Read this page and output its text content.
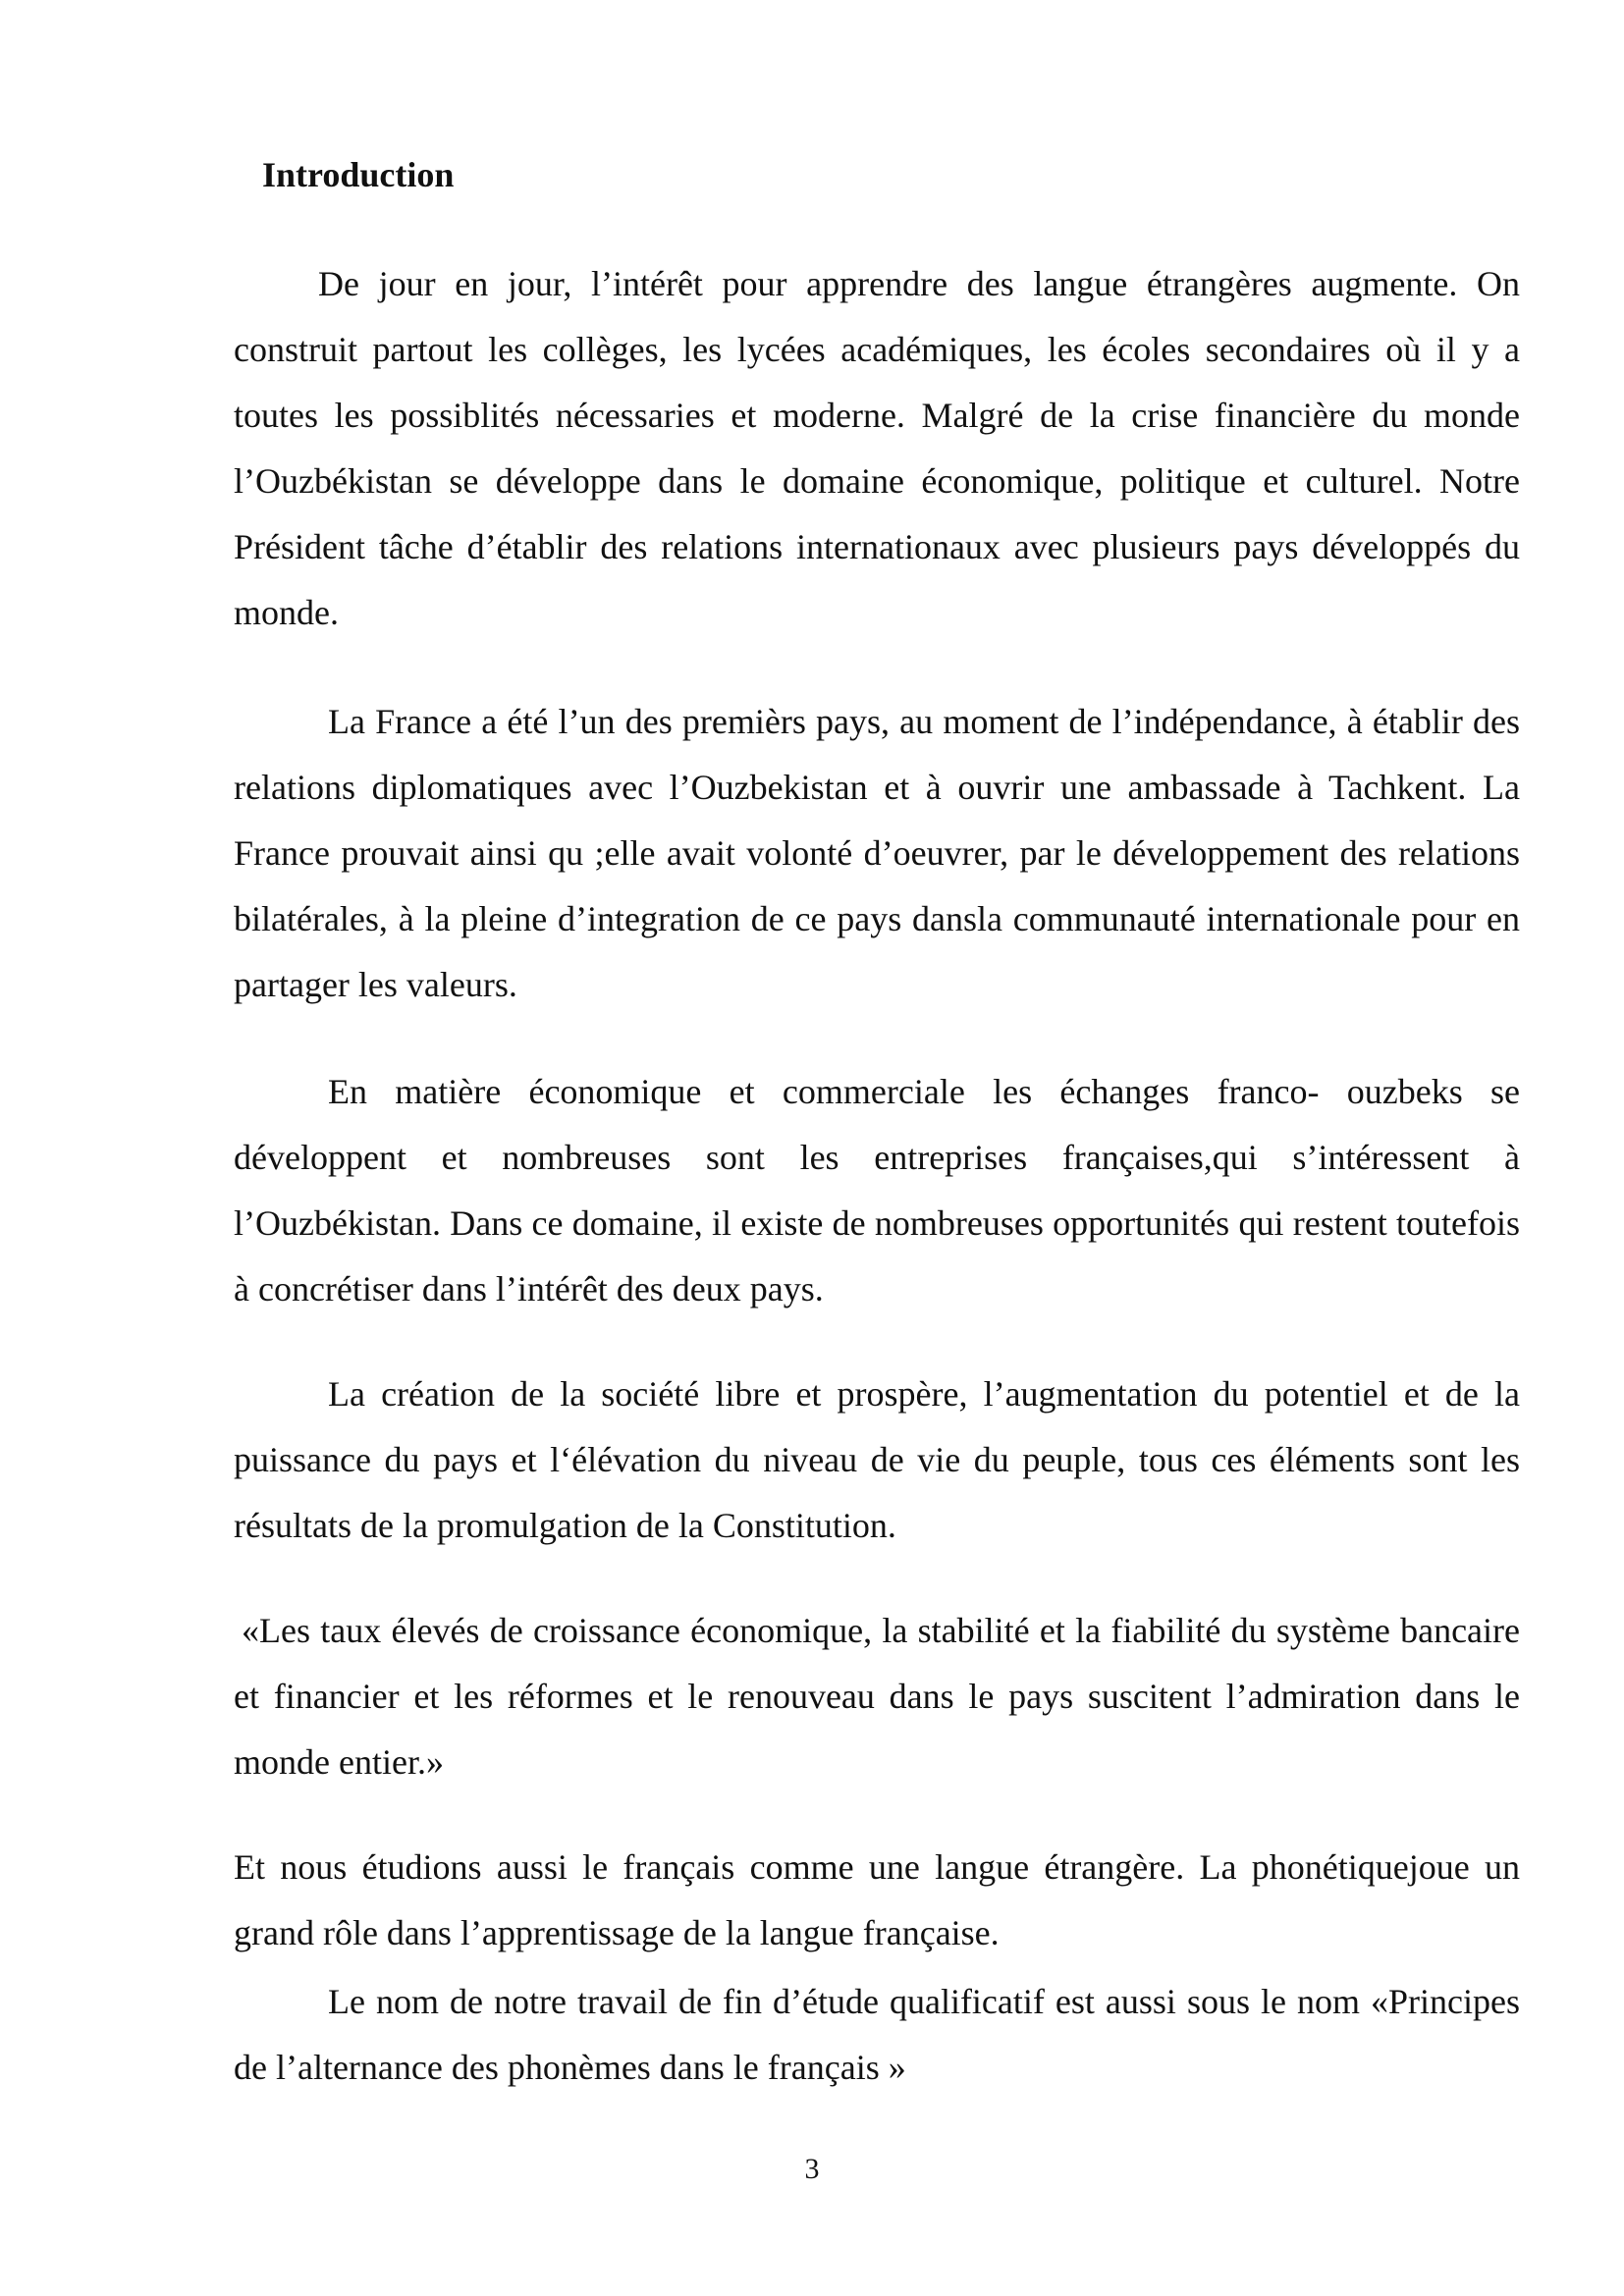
Introduction

De jour en jour, l’intérêt pour apprendre des langue étrangères augmente. On construit partout les collèges, les lycées académiques, les écoles secondaires où il y a toutes les possiblités nécessaries et moderne. Malgré de la crise financière du monde l’Ouzbékistan se développe dans le domaine économique, politique et culturel. Notre Président tâche d’établir des relations internationaux avec plusieurs pays développés du monde.

La France a été l’un des premièrs pays, au moment de l’indépendance, à établir des relations diplomatiques avec l’Ouzbekistan et à ouvrir une ambassade à Tachkent. La France prouvait ainsi qu ;elle avait volonté d’oeuvrer, par le développement des relations bilatérales, à la pleine d’integration de ce pays dansla communauté internationale pour en partager les valeurs.

En matière économique et commerciale les échanges franco- ouzbeks se développent et nombreuses sont les entreprises françaises,qui s’intéressent à l’Ouzbékistan. Dans ce domaine, il existe de nombreuses opportunités qui restent toutefois à concrétiser dans l’intérêt des deux pays.

La création de la société libre et prospère, l’augmentation du potentiel et de la puissance du pays et l‘élévation du niveau de vie du peuple, tous ces éléments sont les résultats de la promulgation de la Constitution.

«Les taux élevés de croissance économique, la stabilité et la fiabilité du système bancaire et financier et les réformes et le renouveau dans le pays suscitent l’admiration dans le monde entier.»

Et nous étudions aussi le français comme une langue étrangère. La phonétiquejoue un grand rôle dans l’apprentissage de la langue française.

Le nom de notre travail de fin d’étude qualificatif est aussi sous le nom «Principes de l’alternance des phonèmes dans le français »

3
